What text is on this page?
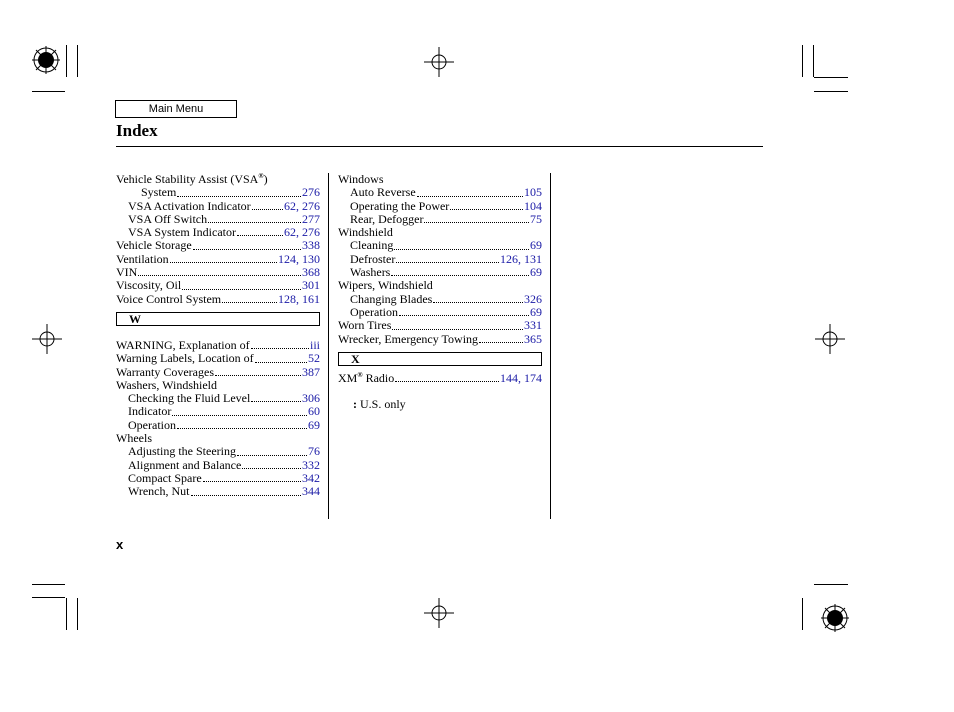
Main Menu
Index
Vehicle Stability Assist (VSA®)
System	276
VSA Activation Indicator	62, 276
VSA Off Switch	277
VSA System Indicator	62, 276
Vehicle Storage	338
Ventilation	124, 130
VIN	368
Viscosity, Oil	301
Voice Control System	128, 161
W
WARNING, Explanation of	iii
Warning Labels, Location of	52
Warranty Coverages	387
Washers, Windshield
Checking the Fluid Level	306
Indicator	60
Operation	69
Wheels
Adjusting the Steering	76
Alignment and Balance	332
Compact Spare	342
Wrench, Nut	344
Windows
Auto Reverse	105
Operating the Power	104
Rear, Defogger	75
Windshield
Cleaning	69
Defroster	126, 131
Washers	69
Wipers, Windshield
Changing Blades	326
Operation	69
Worn Tires	331
Wrecker, Emergency Towing	365
X
XM® Radio	144, 174
: U.S. only
x
